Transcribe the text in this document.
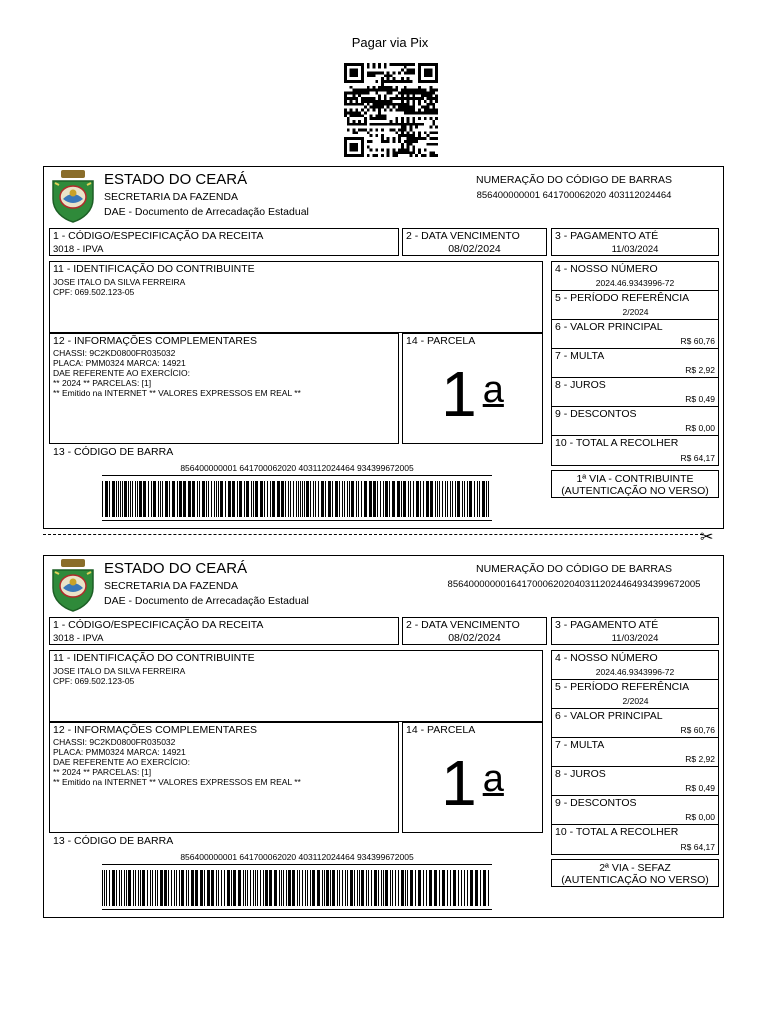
Pagar via Pix
ESTADO DO CEARÁ
SECRETARIA DA FAZENDA
DAE - Documento de Arrecadação Estadual
NUMERAÇÃO DO CÓDIGO DE BARRAS
856400000001 641700062020 403112024464
1 - CÓDIGO/ESPECIFICAÇÃO DA RECEITA
3018 - IPVA
2 - DATA VENCIMENTO
08/02/2024
3 - PAGAMENTO ATÉ
11/03/2024
11 - IDENTIFICAÇÃO DO CONTRIBUINTE
JOSE ITALO DA SILVA FERREIRA
CPF: 069.502.123-05
12 - INFORMAÇÕES COMPLEMENTARES
CHASSI: 9C2KD0800FR035032
PLACA: PMM0324 MARCA: 14921
DAE REFERENTE AO EXERCÍCIO:
** 2024 ** PARCELAS: [1]
** Emitido na INTERNET ** VALORES EXPRESSOS EM REAL **
14 - PARCELA
1 $^a$
4 - NOSSO NÚMERO
2024.46.9343996-72
5 - PERÍODO REFERÊNCIA
2/2024
6 - VALOR PRINCIPAL
R$ 60,76
7 - MULTA
R$ 2,92
8 - JUROS
R$ 0,49
9 - DESCONTOS
R$ 0,00
10 - TOTAL A RECOLHER
R$ 64,17
13 - CÓDIGO DE BARRA
856400000001 641700062020 403112024464 934399672005
1ª VIA - CONTRIBUINTE
(AUTENTICAÇÃO NO VERSO)
✂
ESTADO DO CEARÁ
SECRETARIA DA FAZENDA
DAE - Documento de Arrecadação Estadual
NUMERAÇÃO DO CÓDIGO DE BARRAS
856400000001641700062020403112024464934399672005
1 - CÓDIGO/ESPECIFICAÇÃO DA RECEITA
3018 - IPVA
2 - DATA VENCIMENTO
08/02/2024
3 - PAGAMENTO ATÉ
11/03/2024
11 - IDENTIFICAÇÃO DO CONTRIBUINTE
JOSE ITALO DA SILVA FERREIRA
CPF: 069.502.123-05
12 - INFORMAÇÕES COMPLEMENTARES
CHASSI: 9C2KD0800FR035032
PLACA: PMM0324 MARCA: 14921
DAE REFERENTE AO EXERCÍCIO:
** 2024 ** PARCELAS: [1]
** Emitido na INTERNET ** VALORES EXPRESSOS EM REAL **
14 - PARCELA
1 $^a$
4 - NOSSO NÚMERO
2024.46.9343996-72
5 - PERÍODO REFERÊNCIA
2/2024
6 - VALOR PRINCIPAL
R$ 60,76
7 - MULTA
R$ 2,92
8 - JUROS
R$ 0,49
9 - DESCONTOS
R$ 0,00
10 - TOTAL A RECOLHER
R$ 64,17
13 - CÓDIGO DE BARRA
856400000001 641700062020 403112024464 934399672005
2ª VIA - SEFAZ
(AUTENTICAÇÃO NO VERSO)
